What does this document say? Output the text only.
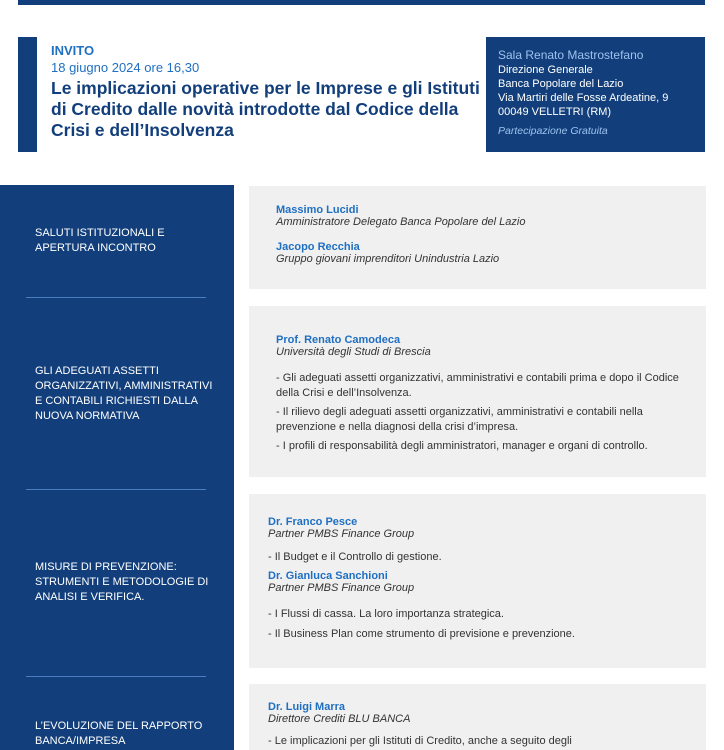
INVITO
18 giugno 2024 ore 16,30
Le implicazioni operative per le Imprese e gli Istituti di Credito dalle novità introdotte dal Codice della Crisi e dell’Insolvenza
Sala Renato Mastrostefano
Direzione Generale
Banca Popolare del Lazio
Via Martiri delle Fosse Ardeatine, 9
00049 VELLETRI (RM)
Partecipazione Gratuita
SALUTI ISTITUZIONALI E APERTURA INCONTRO
GLI ADEGUATI ASSETTI ORGANIZZATIVI, AMMINISTRATIVI E CONTABILI RICHIESTI DALLA NUOVA NORMATIVA
MISURE DI PREVENZIONE: STRUMENTI E METODOLOGIE DI ANALISI E VERIFICA.
L’EVOLUZIONE DEL RAPPORTO BANCA/IMPRESA
Massimo Lucidi
Amministratore Delegato Banca Popolare del Lazio
Jacopo Recchia
Gruppo giovani imprenditori Unindustria Lazio
Prof. Renato Camodeca
Università degli Studi di Brescia
- Gli adeguati assetti organizzativi, amministrativi e contabili prima e dopo il Codice della Crisi e dell’Insolvenza.
- Il rilievo degli adeguati assetti organizzativi, amministrativi e contabili nella prevenzione e nella diagnosi della crisi d’impresa.
- I profili di responsabilità degli amministratori, manager e organi di controllo.
Dr. Franco Pesce
Partner PMBS Finance Group
- Il Budget e il Controllo di gestione.
Dr. Gianluca Sanchioni
Partner PMBS Finance Group
- I Flussi di cassa. La loro importanza strategica.
- Il Business Plan come strumento di previsione e prevenzione.
Dr. Luigi Marra
Direttore Crediti BLU BANCA
- Le implicazioni per gli Istituti di Credito, anche a seguito degli
